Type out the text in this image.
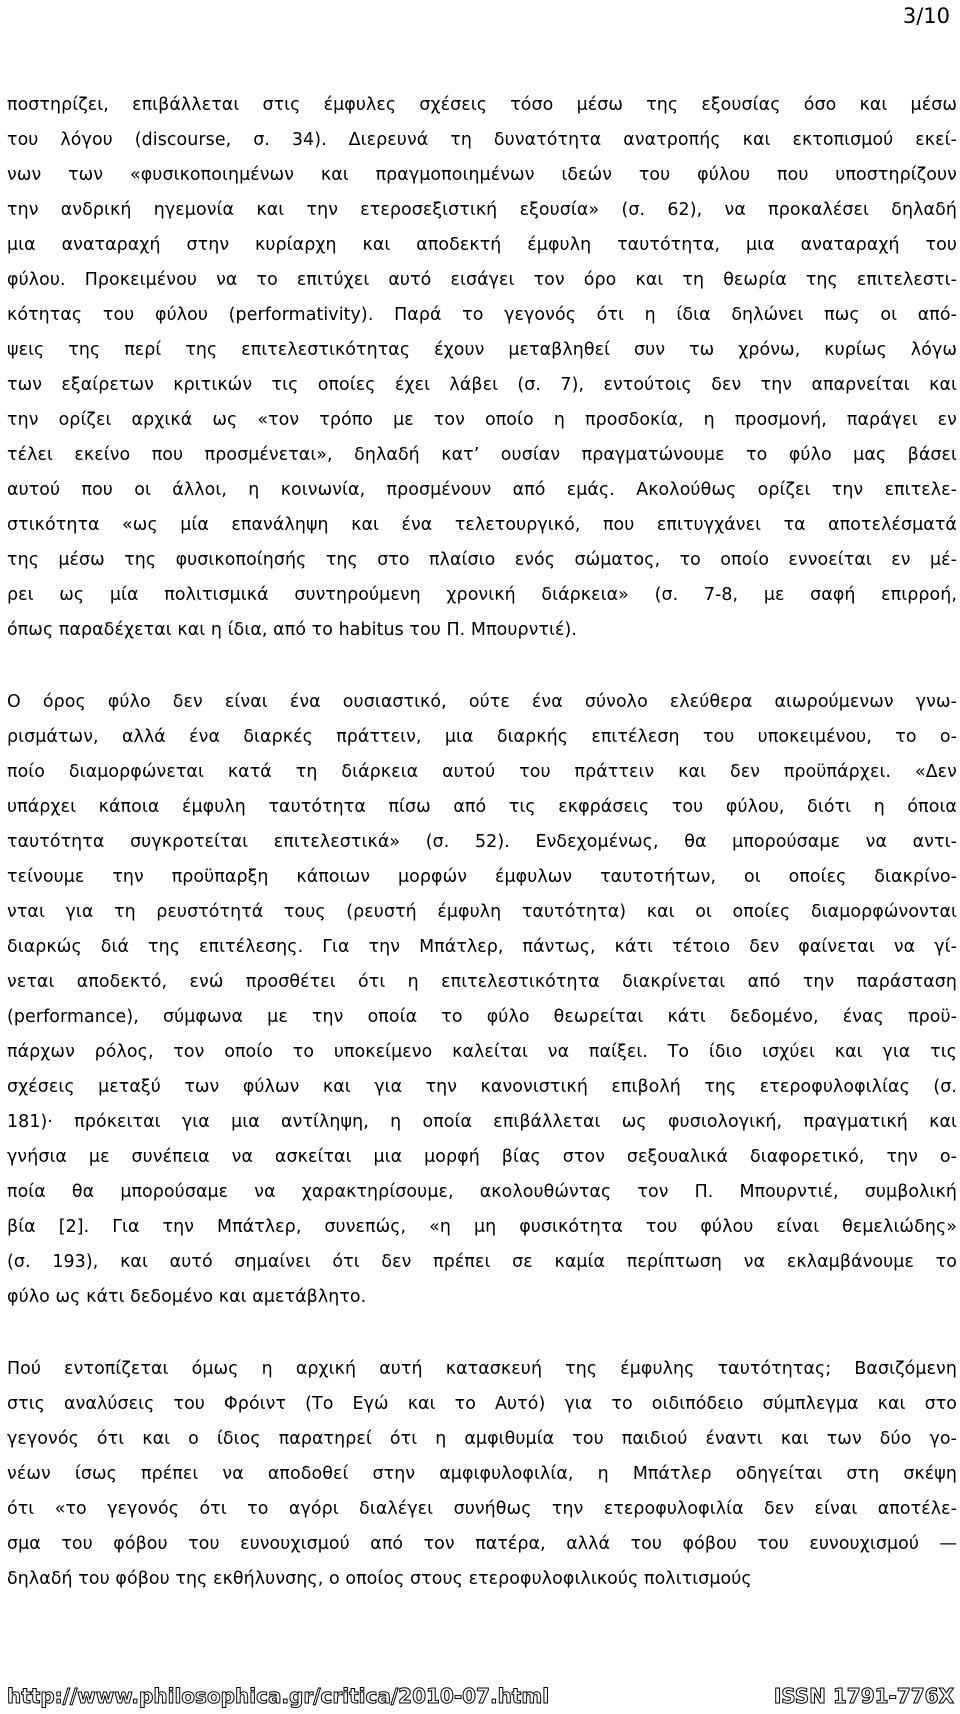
3/10

ποστηρίζει, επιβάλλεται στις έμφυλες σχέσεις τόσο μέσω της εξουσίας όσο και μέσω
του λόγου (discourse, σ. 34). Διερευνά τη δυνατότητα ανατροπής και εκτοπισμού εκεί-
νων των «φυσικοποιημένων και πραγμοποιημένων ιδεών του φύλου που υποστηρίζουν
την ανδρική ηγεμονία και την ετεροσεξιστική εξουσία» (σ. 62), να προκαλέσει δηλαδή
μια αναταραχή στην κυρίαρχη και αποδεκτή έμφυλη ταυτότητα, μια αναταραχή του
φύλου. Προκειμένου να το επιτύχει αυτό εισάγει τον όρο και τη θεωρία της επιτελεστι-
κότητας του φύλου (performativity). Παρά το γεγονός ότι η ίδια δηλώνει πως οι από-
ψεις της περί της επιτελεστικότητας έχουν μεταβληθεί συν τω χρόνω, κυρίως λόγω
των εξαίρετων κριτικών τις οποίες έχει λάβει (σ. 7), εντούτοις δεν την απαρνείται και
την ορίζει αρχικά ως «τον τρόπο με τον οποίο η προσδοκία, η προσμονή, παράγει εν
τέλει εκείνο που προσμένεται», δηλαδή κατ’ ουσίαν πραγματώνουμε το φύλο μας βάσει
αυτού που οι άλλοι, η κοινωνία, προσμένουν από εμάς. Ακολούθως ορίζει την επιτελε-
στικότητα «ως μία επανάληψη και ένα τελετουργικό, που επιτυγχάνει τα αποτελέσματά
της μέσω της φυσικοποίησής της στο πλαίσιο ενός σώματος, το οποίο εννοείται εν μέ-
ρει ως μία πολιτισμικά συντηρούμενη χρονική διάρκεια» (σ. 7-8, με σαφή επιρροή,
όπως παραδέχεται και η ίδια, από το habitus του Π. Μπουρντιέ).

Ο όρος φύλο δεν είναι ένα ουσιαστικό, ούτε ένα σύνολο ελεύθερα αιωρούμενων γνω-
ρισμάτων, αλλά ένα διαρκές πράττειν, μια διαρκής επιτέλεση του υποκειμένου, το ο-
ποίο διαμορφώνεται κατά τη διάρκεια αυτού του πράττειν και δεν προϋπάρχει. «Δεν
υπάρχει κάποια έμφυλη ταυτότητα πίσω από τις εκφράσεις του φύλου, διότι η όποια
ταυτότητα συγκροτείται επιτελεστικά» (σ. 52). Ενδεχομένως, θα μπορούσαμε να αντι-
τείνουμε την προϋπαρξη κάποιων μορφών έμφυλων ταυτοτήτων, οι οποίες διακρίνο-
νται για τη ρευστότητά τους (ρευστή έμφυλη ταυτότητα) και οι οποίες διαμορφώνονται
διαρκώς διά της επιτέλεσης. Για την Μπάτλερ, πάντως, κάτι τέτοιο δεν φαίνεται να γί-
νεται αποδεκτό, ενώ προσθέτει ότι η επιτελεστικότητα διακρίνεται από την παράσταση
(performance), σύμφωνα με την οποία το φύλο θεωρείται κάτι δεδομένο, ένας προϋ-
πάρχων ρόλος, τον οποίο το υποκείμενο καλείται να παίξει. Το ίδιο ισχύει και για τις
σχέσεις μεταξύ των φύλων και για την κανονιστική επιβολή της ετεροφυλοφιλίας (σ.
181)· πρόκειται για μια αντίληψη, η οποία επιβάλλεται ως φυσιολογική, πραγματική και
γνήσια με συνέπεια να ασκείται μια μορφή βίας στον σεξουαλικά διαφορετικό, την ο-
ποία θα μπορούσαμε να χαρακτηρίσουμε, ακολουθώντας τον Π. Μπουρντιέ, συμβολική
βία [2]. Για την Μπάτλερ, συνεπώς, «η μη φυσικότητα του φύλου είναι θεμελιώδης»
(σ. 193), και αυτό σημαίνει ότι δεν πρέπει σε καμία περίπτωση να εκλαμβάνουμε το
φύλο ως κάτι δεδομένο και αμετάβλητο.

Πού εντοπίζεται όμως η αρχική αυτή κατασκευή της έμφυλης ταυτότητας; Βασιζόμενη
στις αναλύσεις του Φρόιντ (Το Εγώ και το Αυτό) για το οιδιπόδειο σύμπλεγμα και στο
γεγονός ότι και ο ίδιος παρατηρεί ότι η αμφιθυμία του παιδιού έναντι και των δύο γο-
νέων ίσως πρέπει να αποδοθεί στην αμφιφυλοφιλία, η Μπάτλερ οδηγείται στη σκέψη
ότι «το γεγονός ότι το αγόρι διαλέγει συνήθως την ετεροφυλοφιλία δεν είναι αποτέλε-
σμα του φόβου του ευνουχισμού από τον πατέρα, αλλά του φόβου του ευνουχισμού —
δηλαδή του φόβου της εκθήλυνσης, ο οποίος στους ετεροφυλοφιλικούς πολιτισμούς

http://www.philosophica.gr/critica/2010-07.html	ISSN 1791-776X
